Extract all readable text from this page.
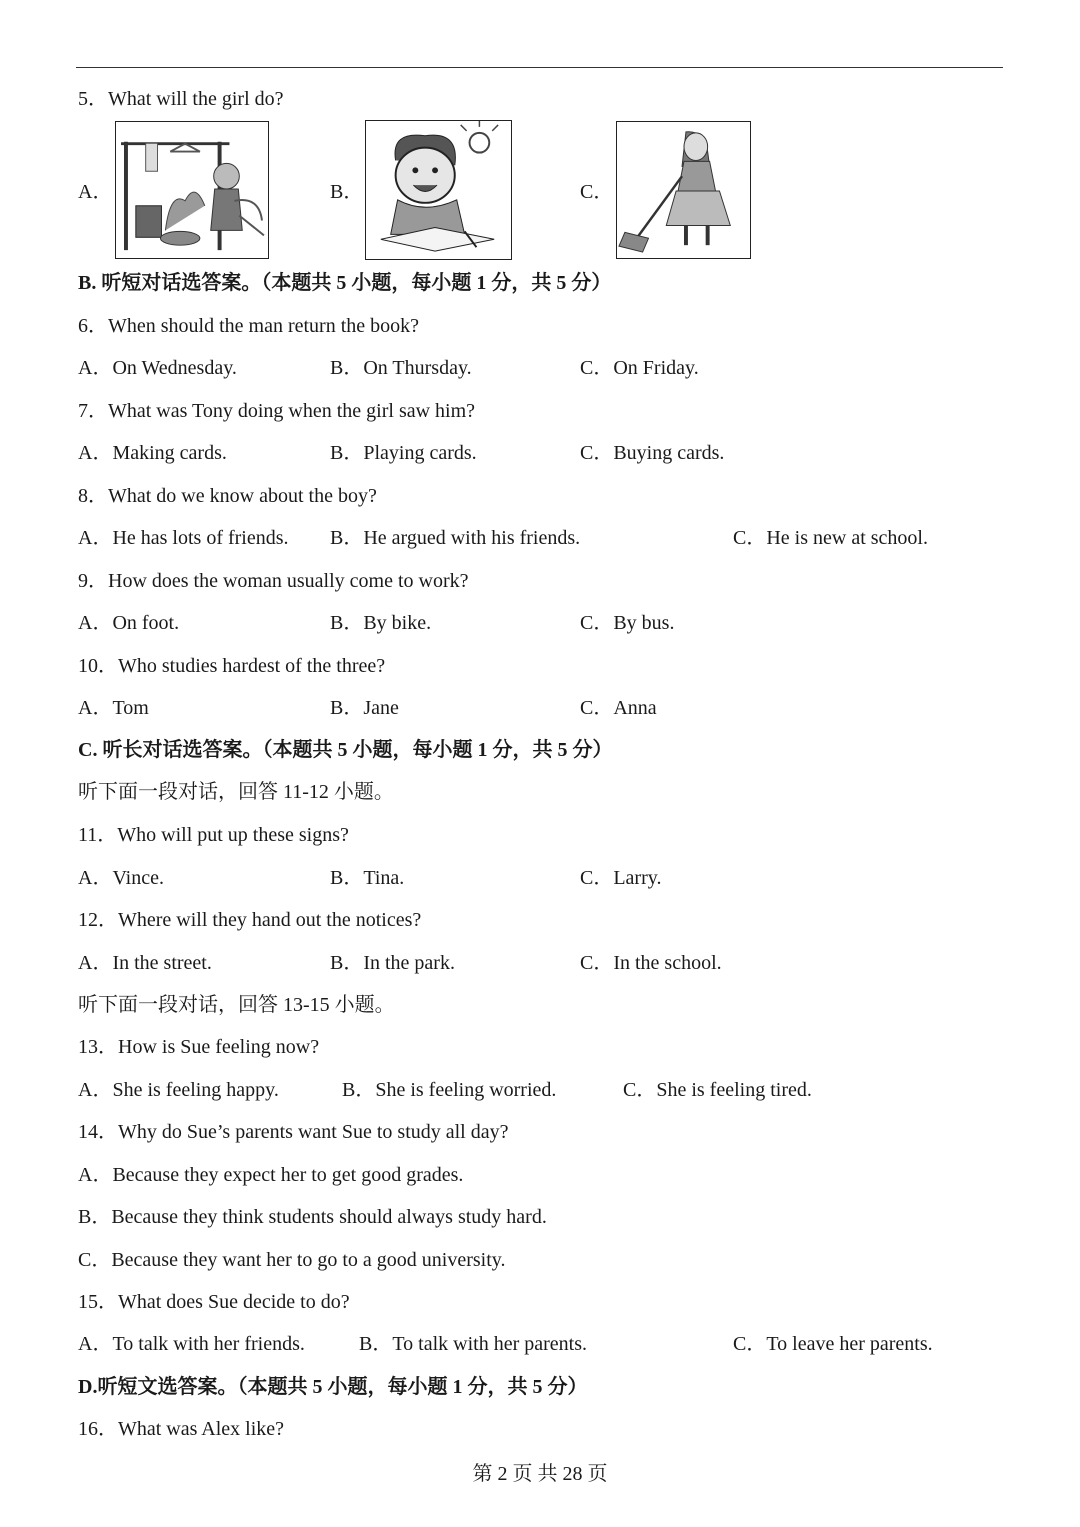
5．What will the girl do?
A．	B．	C．
B. 听短对话选答案。（本题共 5 小题，每小题 1 分，共 5 分）
6．When should the man return the book?
A．On Wednesday.	B．On Thursday.	C．On Friday.
7．What was Tony doing when the girl saw him?
A．Making cards.	B．Playing cards.	C．Buying cards.
8．What do we know about the boy?
A．He has lots of friends. B．He argued with his friends.	C．He is new at school.
9．How does the woman usually come to work?
A．On foot.	B．By bike.	C．By bus.
10．Who studies hardest of the three?
A．Tom	B．Jane	C．Anna
C. 听长对话选答案。（本题共 5 小题，每小题 1 分，共 5 分）
听下面一段对话，回答 11-12 小题。
11．Who will put up these signs?
A．Vince.	B．Tina.	C．Larry.
12．Where will they hand out the notices?
A．In the street.	B．In the park.	C．In the school.
听下面一段对话，回答 13-15 小题。
13．How is Sue feeling now?
A．She is feeling happy.	B．She is feeling worried.	C．She is feeling tired.
14．Why do Sue’s parents want Sue to study all day?
A．Because they expect her to get good grades.
B．Because they think students should always study hard.
C．Because they want her to go to a good university.
15．What does Sue decide to do?
A．To talk with her friends.	B．To talk with her parents.	C．To leave her parents.
D.听短文选答案。（本题共 5 小题，每小题 1 分，共 5 分）
16．What was Alex like?
第 2 页 共 28 页
